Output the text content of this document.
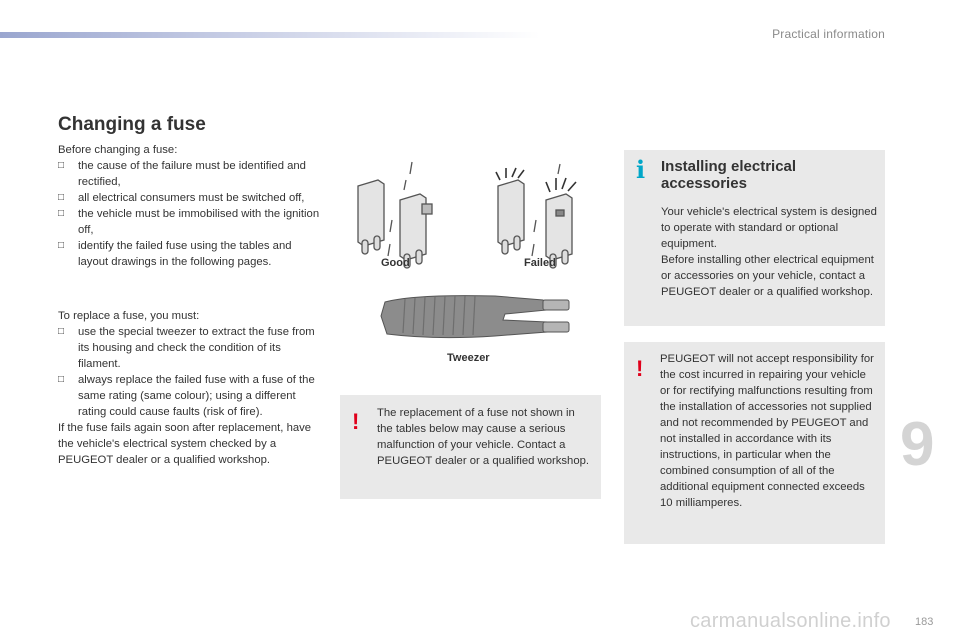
Practical information
Changing a fuse

Before changing a fuse:

□ the cause of the failure must be identified and rectified,
□ all electrical consumers must be switched off,
□ the vehicle must be immobilised with the ignition off,
□ identify the failed fuse using the tables and layout drawings in the following pages.

To replace a fuse, you must:

□ use the special tweezer to extract the fuse from its housing and check the condition of its filament.
□ always replace the failed fuse with a fuse of the same rating (same colour); using a different rating could cause faults (risk of fire).

If the fuse fails again soon after replacement, have the vehicle's electrical system checked by a PEUGEOT dealer or a qualified workshop.

Good	Failed
Tweezer
! The replacement of a fuse not shown in the tables below may cause a serious malfunction of your vehicle. Contact a PEUGEOT dealer or a qualified workshop.

i Installing electrical accessories

Your vehicle's electrical system is designed to operate with standard or optional equipment.

Before installing other electrical equipment or accessories on your vehicle, contact a PEUGEOT dealer or a qualified workshop.

! PEUGEOT will not accept responsibility for the cost incurred in repairing your vehicle or for rectifying malfunctions resulting from the installation of accessories not supplied and not recommended by PEUGEOT and not installed in accordance with its instructions, in particular when the combined consumption of all of the additional equipment connected exceeds 10 milliamperes.

9
carmanualsonline.info 183
